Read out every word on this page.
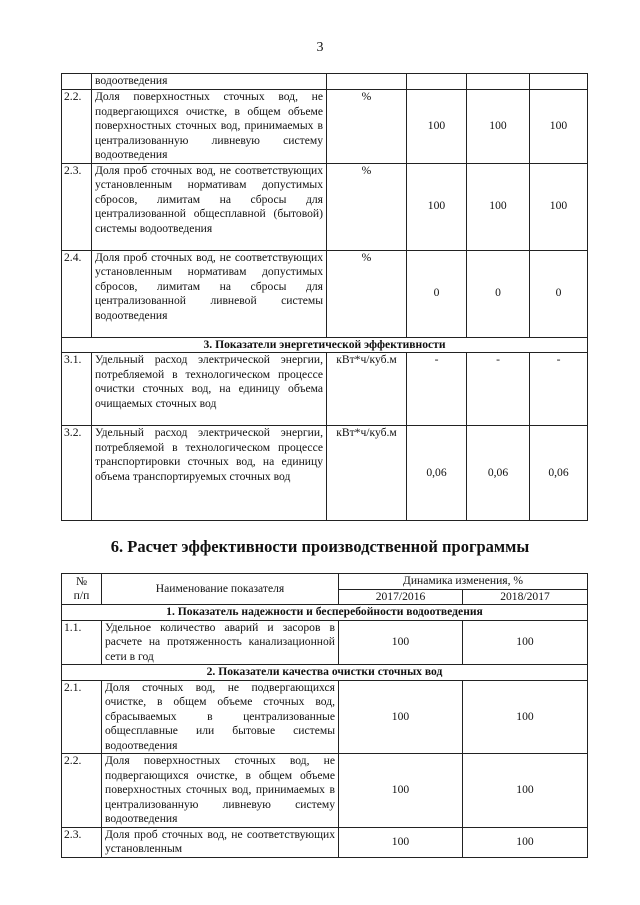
3
	водоотведения				
2.2.	Доля поверхностных сточных вод, не подвергающихся очистке, в общем объеме поверхностных сточных вод, принимаемых в централизованную ливневую систему водоотведения	%	100	100	100
2.3.	Доля проб сточных вод, не соответствующих установленным нормативам допустимых сбросов, лимитам на сбросы для централизованной общесплавной (бытовой) системы водоотведения	%	100	100	100
2.4.	Доля проб сточных вод, не соответствующих установленным нормативам допустимых сбросов, лимитам на сбросы для централизованной ливневой системы водоотведения	%	0	0	0
3. Показатели энергетической эффективности					
3.1.	Удельный расход электрической энергии, потребляемой в технологическом процессе очистки сточных вод, на единицу объема очищаемых сточных вод	кВт*ч/куб.м	-	-	-
3.2.	Удельный расход электрической энергии, потребляемой в технологическом процессе транспортировки сточных вод, на единицу объема транспортируемых сточных вод	кВт*ч/куб.м	0,06	0,06	0,06
6. Расчет эффективности производственной программы
№
п/п	Наименование показателя	Динамика изменения, %	
		2017/2016	2018/2017
1. Показатель надежности и бесперебойности водоотведения			
1.1.	Удельное количество аварий и засоров в расчете на протяженность канализационной сети в год	100	100
2. Показатели качества очистки сточных вод			
2.1.	Доля сточных вод, не подвергающихся очистке, в общем объеме сточных вод, сбрасываемых в централизованные общесплавные или бытовые системы водоотведения	100	100
2.2.	Доля поверхностных сточных вод, не подвергающихся очистке, в общем объеме поверхностных сточных вод, принимаемых в централизованную ливневую систему водоотведения	100	100
2.3.	Доля проб сточных вод, не соответствующих установленным	100	100
